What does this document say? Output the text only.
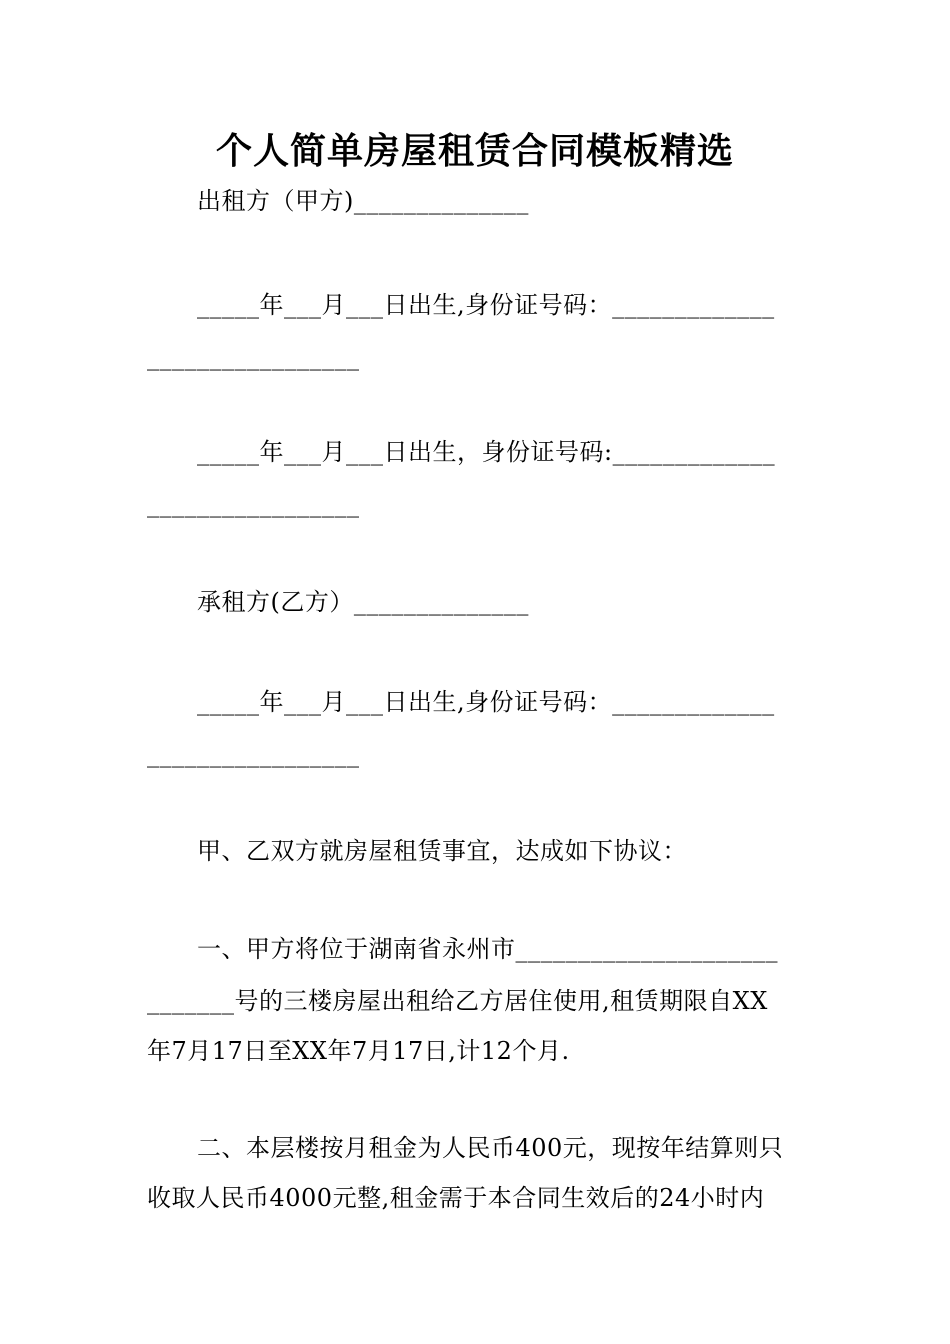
个人简单房屋租赁合同模板精选
出租方（甲方)______________
_____年___月___日出生,身份证号码：_____________
_________________
_____年___月___日出生，身份证号码:_____________
_________________
承租方(乙方）______________
_____年___月___日出生,身份证号码：_____________
_________________
甲、乙双方就房屋租赁事宜，达成如下协议：
一、甲方将位于湖南省永州市_____________________
_______号的三楼房屋出租给乙方居住使用,租赁期限自XX
年7月17日至XX年7月17日,计12个月.
二、本层楼按月租金为人民币400元，现按年结算则只
收取人民币4000元整,租金需于本合同生效后的24小时内
